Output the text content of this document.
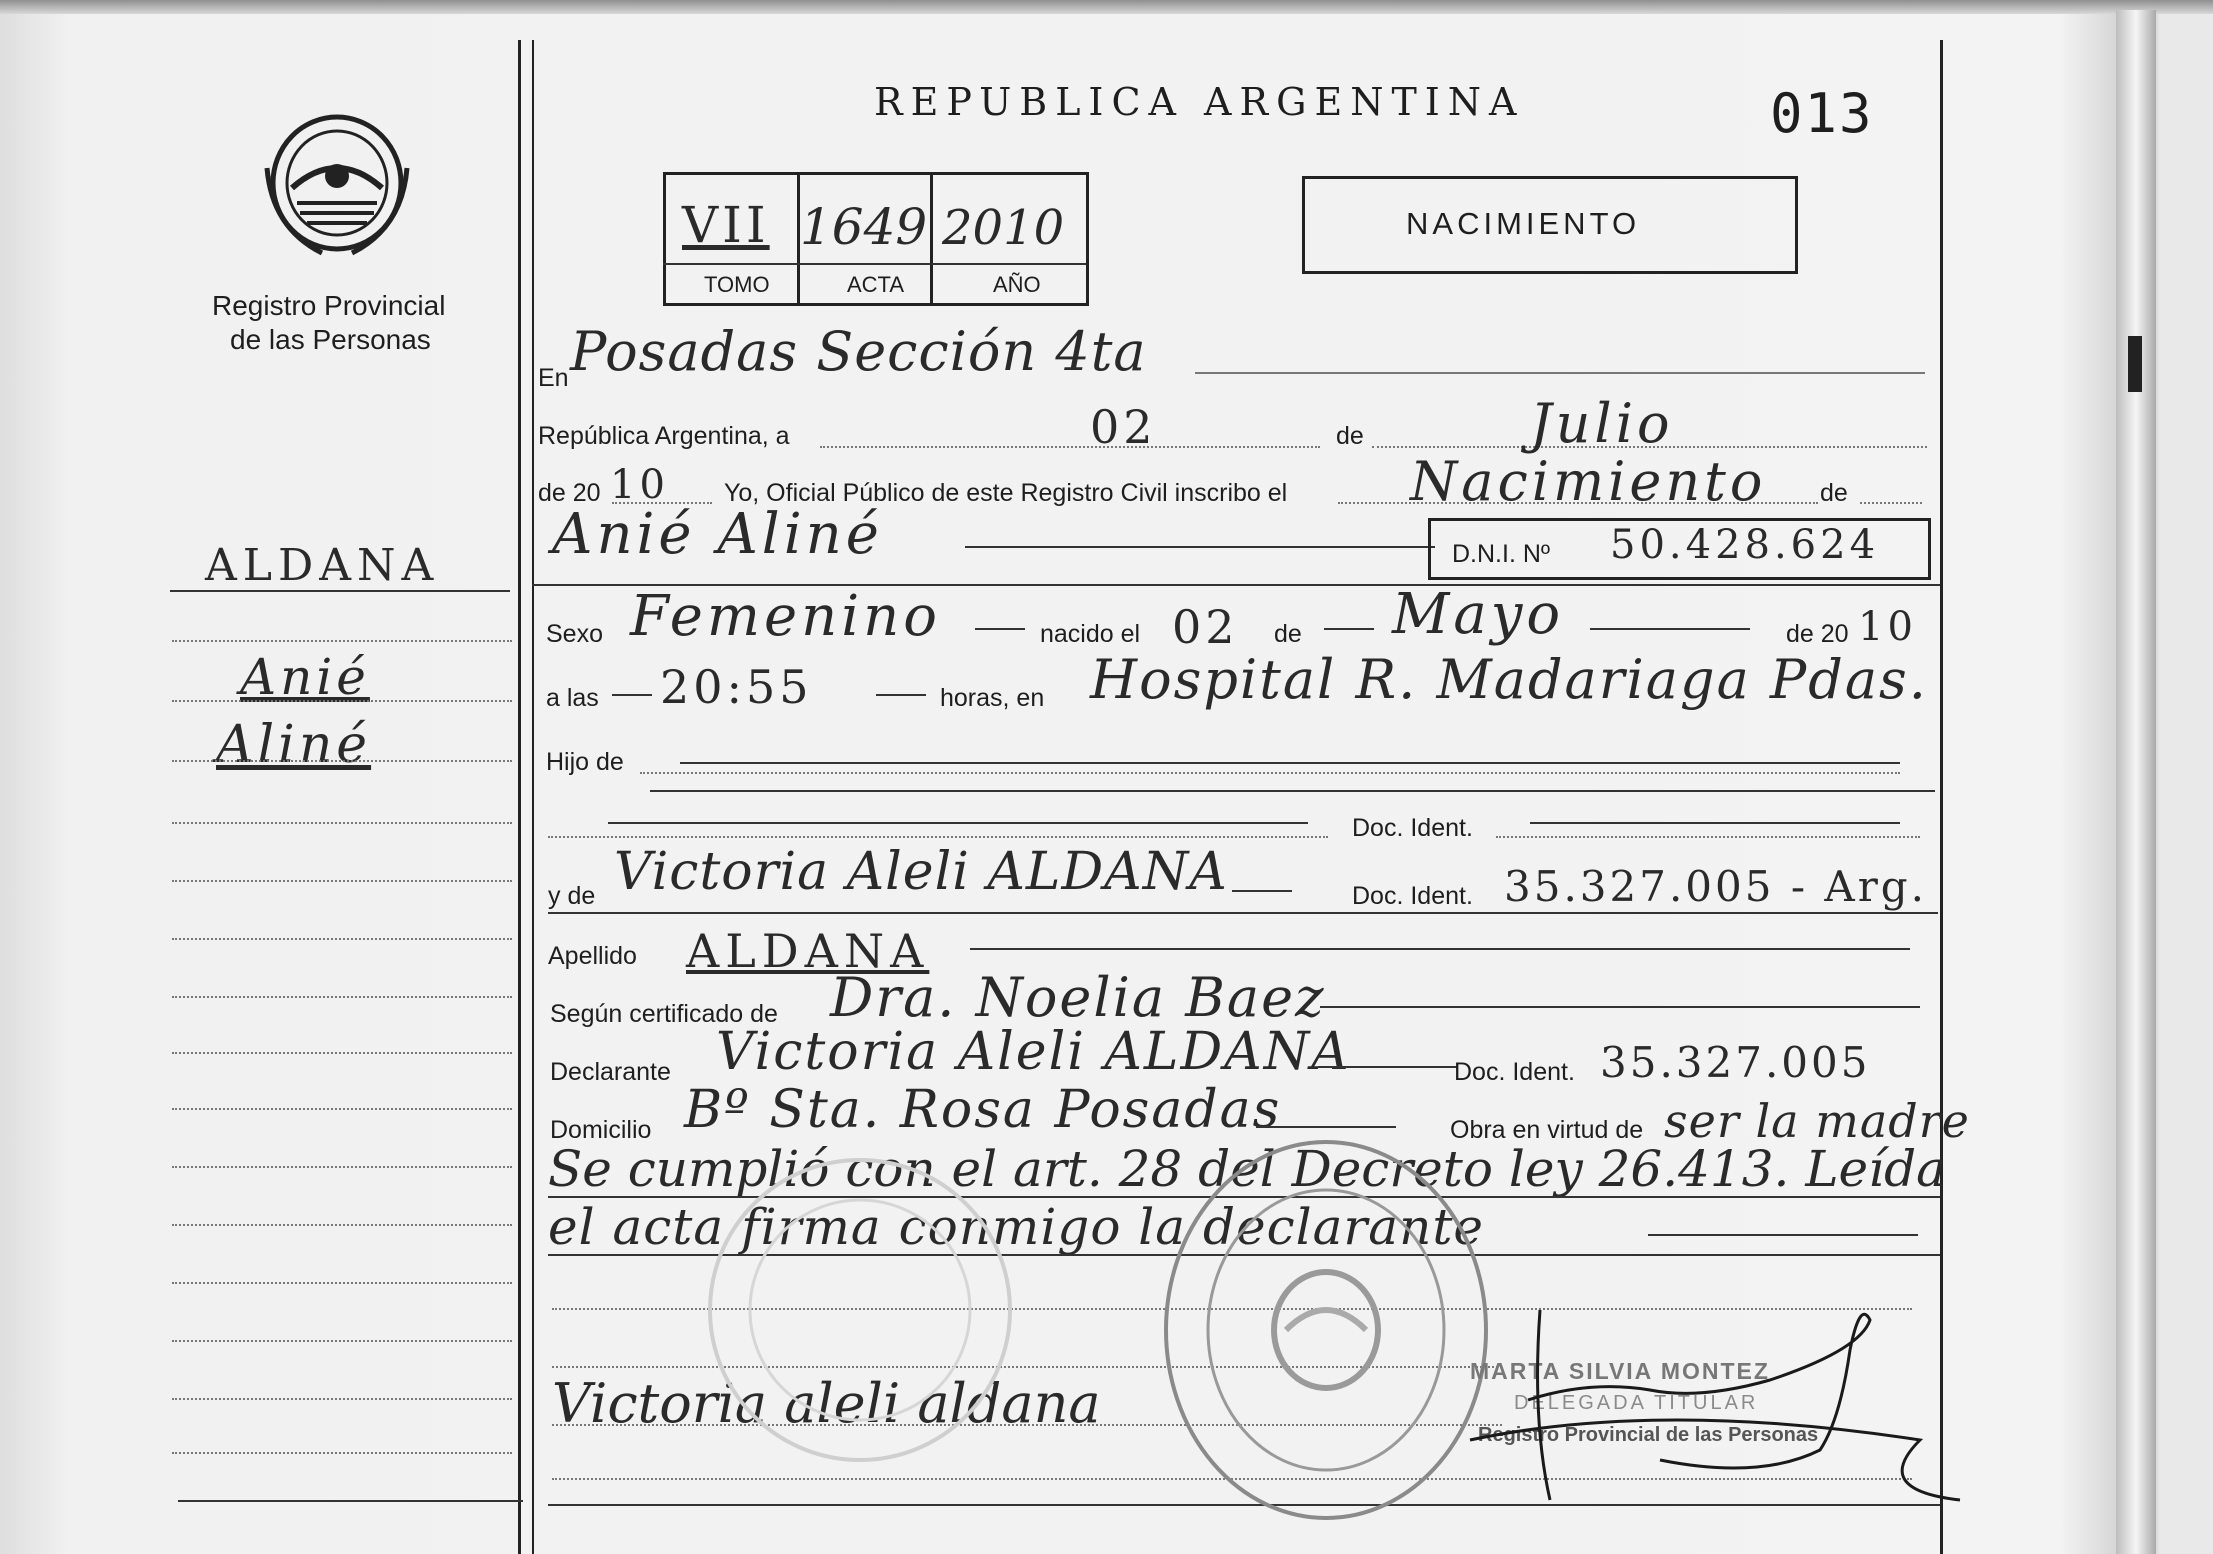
Registro Provincial
de las Personas
REPUBLICA ARGENTINA	013
VII 1649 2010
TOMO	ACTA	AÑO
NACIMIENTO
ALDANA
Anié
Aliné
En Posadas Sección 4ta
República Argentina, a	02	de	Julio
de 20 10 Yo, Oficial Público de este Registro Civil inscribo el Nacimiento de
Anié Aliné	D.N.I. Nº 50.428.624
Sexo Femenino	nacido el 02 de Mayo	de 20 10
a las 20:55	horas, en Hospital R. Madariaga Pdas.
Hijo de
Doc. Ident.
y de Victoria Aleli ALDANA	Doc. Ident. 35.327.005 - Arg.
Apellido ALDANA
Según certificado de Dra. Noelia Baez
Declarante Victoria Aleli ALDANA	Doc. Ident. 35.327.005
Domicilio Bº Sta. Rosa Posadas	Obra en virtud de ser la madre
Se cumplió con el art. 28 del Decreto ley 26.413. Leída
el acta firma conmigo la declarante
Victoria aleli aldana
MARTA SILVIA MONTEZ
DELEGADA TITULAR
Registro Provincial de las Personas
